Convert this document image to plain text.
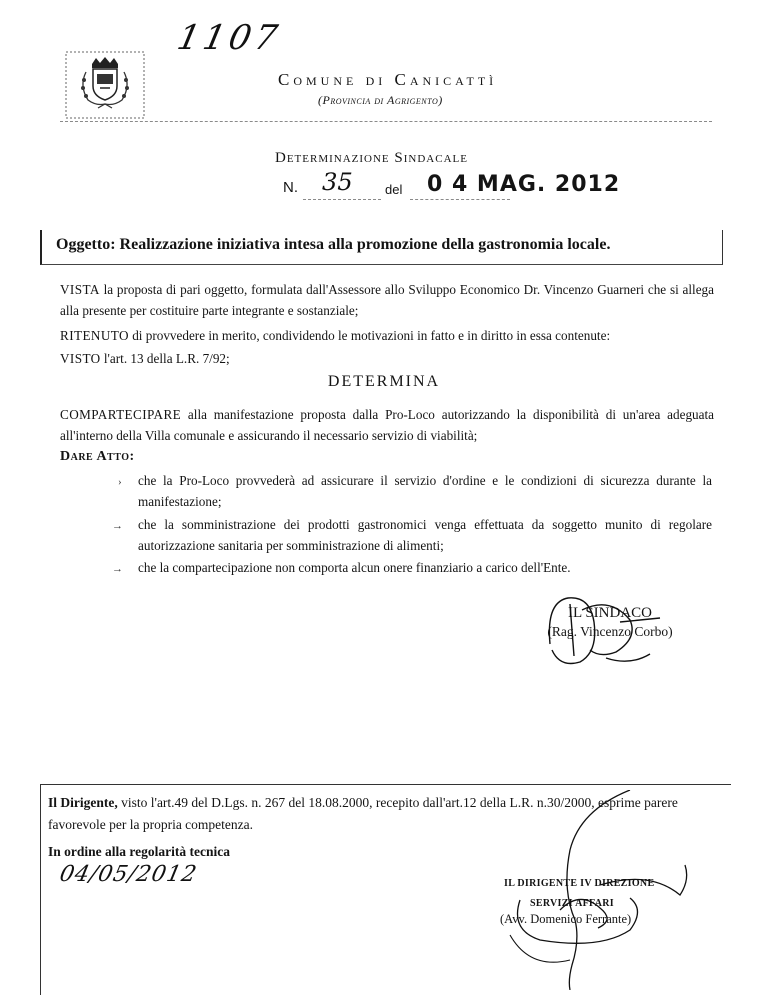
1107
Comune di Canicattì
(Provincia di Agrigento)
Determinazione Sindacale
N. 35 del 0 4 MAG. 2012
Oggetto: Realizzazione iniziativa intesa alla promozione della gastronomia locale.
VISTA la proposta di pari oggetto, formulata dall'Assessore allo Sviluppo Economico Dr. Vincenzo Guarneri che si allega alla presente per costituire parte integrante e sostanziale;
RITENUTO di provvedere in merito, condividendo le motivazioni in fatto e in diritto in essa contenute:
VISTO l'art. 13 della L.R. 7/92;
DETERMINA
COMPARTECIPARE alla manifestazione proposta dalla Pro-Loco autorizzando la disponibilità di un'area adeguata all'interno della Villa comunale e assicurando il necessario servizio di viabilità;
Dare Atto:
›	che la Pro-Loco provvederà ad assicurare il servizio d'ordine e le condizioni di sicurezza durante la manifestazione;
→	che la somministrazione dei prodotti gastronomici venga effettuata da soggetto munito di regolare autorizzazione sanitaria per somministrazione di alimenti;
→	che la compartecipazione non comporta alcun onere finanziario a carico dell'Ente.
IL SINDACO
(Rag. Vincenzo Corbo)
Il Dirigente, visto l'art.49 del D.Lgs. n. 267 del 18.08.2000, recepito dall'art.12 della L.R. n.30/2000, esprime parere favorevole per la propria competenza.
In ordine alla regolarità tecnica
04/05/2012	IL DIRIGENTE IV DIREZIONE
SERVIZI AFFARI
(Avv. Domenico Ferrante)
